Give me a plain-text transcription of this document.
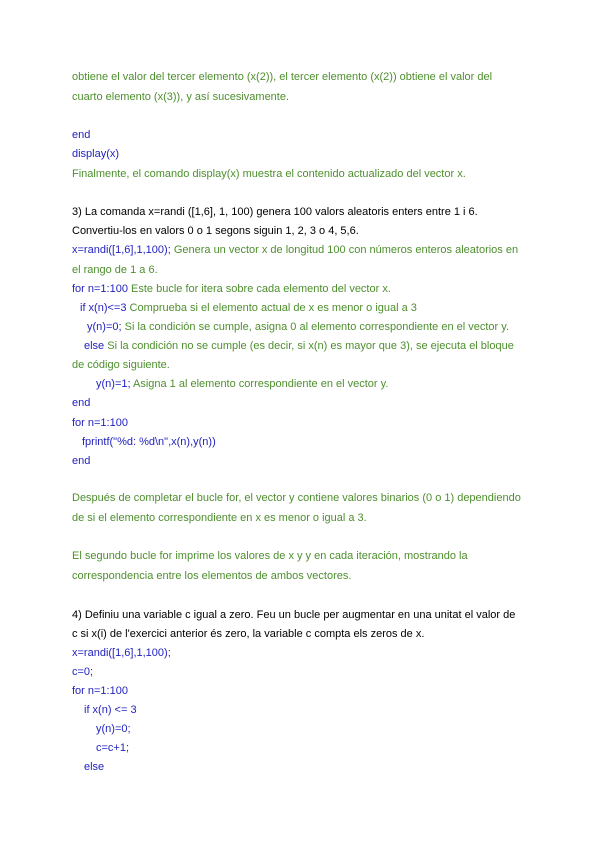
obtiene el valor del tercer elemento (x(2)), el tercer elemento (x(2)) obtiene el valor del
cuarto elemento (x(3)), y así sucesivamente.
end
display(x)
Finalmente, el comando display(x) muestra el contenido actualizado del vector x.
3) La comanda x=randi ([1,6], 1, 100) genera 100 valors aleatoris enters entre 1 i 6.
Convertiu-los en valors 0 o 1 segons siguin 1, 2, 3 o 4, 5,6.
x=randi([1,6],1,100); Genera un vector x de longitud 100 con números enteros aleatorios en
el rango de 1 a 6.
for n=1:100 Este bucle for itera sobre cada elemento del vector x.
if x(n)<=3 Comprueba si el elemento actual de x es menor o igual a 3
y(n)=0; Si la condición se cumple, asigna 0 al elemento correspondiente en el vector y.
else Si la condición no se cumple (es decir, si x(n) es mayor que 3), se ejecuta el bloque
de código siguiente.
y(n)=1; Asigna 1 al elemento correspondiente en el vector y.
end
for n=1:100
fprintf("%d: %d\n",x(n),y(n))
end
Después de completar el bucle for, el vector y contiene valores binarios (0 o 1) dependiendo
de si el elemento correspondiente en x es menor o igual a 3.
El segundo bucle for imprime los valores de x y y en cada iteración, mostrando la
correspondencia entre los elementos de ambos vectores.
4) Definiu una variable c igual a zero. Feu un bucle per augmentar en una unitat el valor de
c si x(i) de l'exercici anterior és zero, la variable c compta els zeros de x.
x=randi([1,6],1,100);
c=0;
for n=1:100
if x(n) <= 3
y(n)=0;
c=c+1;
else
